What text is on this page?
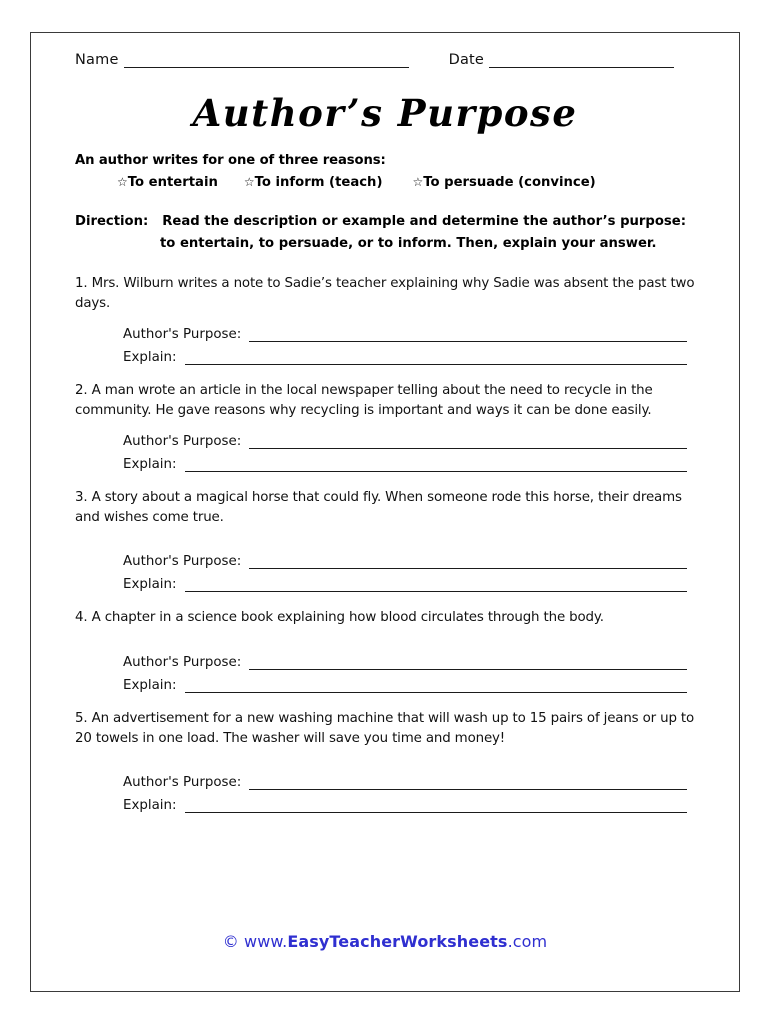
Name	Date
Author’s Purpose
An author writes for one of three reasons:
☆To entertain ☆To inform (teach)	☆To persuade (convince)
Direction: Read the description or example and determine the author’s purpose:
to entertain, to persuade, or to inform. Then, explain your answer.
1. Mrs. Wilburn writes a note to Sadie’s teacher explaining why Sadie was absent the past two days.
Author's Purpose:
Explain:
2. A man wrote an article in the local newspaper telling about the need to recycle in the community. He gave reasons why recycling is important and ways it can be done easily.
Author's Purpose:
Explain:
3. A story about a magical horse that could fly. When someone rode this horse, their dreams and wishes come true.
Author's Purpose:
Explain:
4. A chapter in a science book explaining how blood circulates through the body.
Author's Purpose:
Explain:
5. An advertisement for a new washing machine that will wash up to 15 pairs of jeans or up to 20 towels in one load. The washer will save you time and money!
Author's Purpose:
Explain:
© www.EasyTeacherWorksheets.com
